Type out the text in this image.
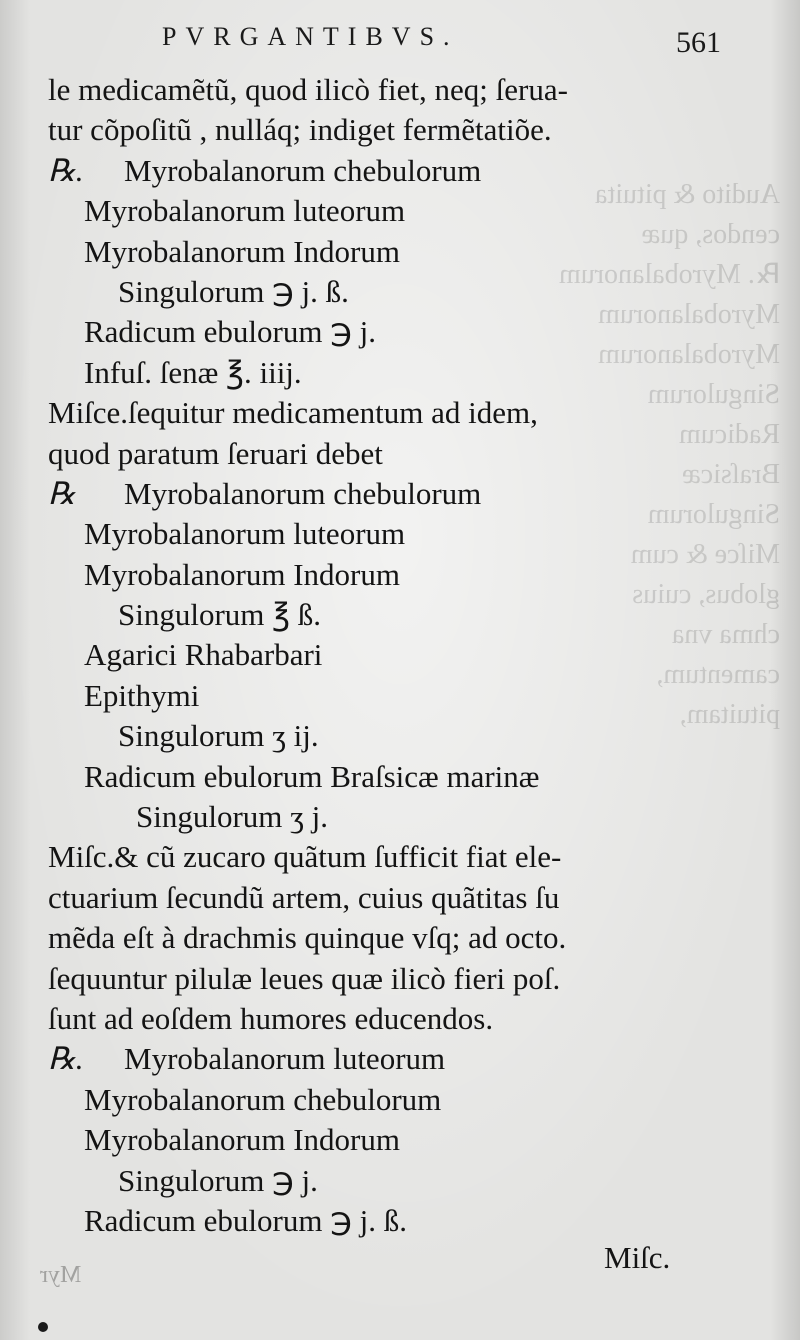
Audito & pituita
cendos, quæ
℞. Myrobalanorum
Myrobalanorum
Myrobalanorum
Singulorum
Radicum
Braſsicæ
Singulorum
Miſce & cum
globus, cuius
chma vna
camentum,
pituitam,
PVRGANTIBVS.	561
le medicamẽtũ, quod ilicò fiet, neq; ſerua-
tur cõpoſitũ , nulláq; indiget fermẽtatiõe.
℞. Myrobalanorum chebulorum
Myrobalanorum luteorum
Myrobalanorum Indorum
Singulorum ℈ j. ß.
Radicum ebulorum ℈ j.
Infuſ. ſenæ ℥. iiij.
Miſce.ſequitur medicamentum ad idem,
quod paratum ſeruari debet
℞ Myrobalanorum chebulorum
Myrobalanorum luteorum
Myrobalanorum Indorum
Singulorum ℥ ß.
Agarici Rhabarbari
Epithymi
Singulorum ʒ ij.
Radicum ebulorum Braſsicæ marinæ
Singulorum ʒ j.
Miſc.& cũ zucaro quãtum ſufficit fiat ele-
ctuarium ſecundũ artem, cuius quãtitas ſu
mẽda eſt à drachmis quinque vſq; ad octo.
ſequuntur pilulæ leues quæ ilicò fieri poſ.
ſunt ad eoſdem humores educendos.
℞. Myrobalanorum luteorum
Myrobalanorum chebulorum
Myrobalanorum Indorum
Singulorum ℈ j.
Radicum ebulorum ℈ j. ß.
Miſc.
Myr
